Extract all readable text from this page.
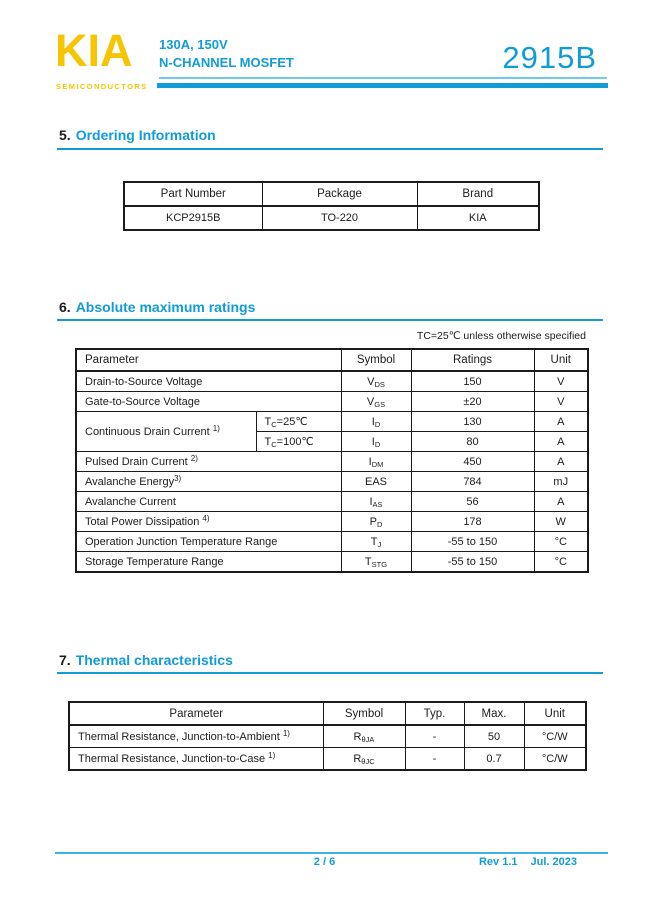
KIA
SEMICONDUCTORS
130A, 150V
N-CHANNEL MOSFET	2915B
5. Ordering Information
Part Number	Package	Brand
KCP2915B	TO-220	KIA
6. Absolute maximum ratings
TC=25℃ unless otherwise specified
Parameter		Symbol	Ratings	Unit
Drain-to-Source Voltage		$V_{DS}$	150	V
Gate-to-Source Voltage		$V_{GS}$	±20	V
Continuous Drain Current $^{1)}$	$T_C=25℃$	$I_D$	130	A
	$T_C=100℃$	$I_D$	80	A
Pulsed Drain Current $^{2)}$		$I_{DM}$	450	A
Avalanche Energy$^{3)}$		EAS	784	mJ
Avalanche Current		$I_{AS}$	56	A
Total Power Dissipation $^{4)}$		$P_D$	178	W
Operation Junction Temperature Range		$T_J$	-55 to 150	°C
Storage Temperature Range		$T_{STG}$	-55 to 150	°C
7. Thermal characteristics
Parameter	Symbol	Typ.	Max.	Unit
Thermal Resistance, Junction-to-Ambient $^{1)}$	$R_{\theta JA}$	-	50	°C/W
Thermal Resistance, Junction-to-Case $^{1)}$	$R_{\theta JC}$	-	0.7	°C/W
2 / 6	Rev 1.1 Jul. 2023
